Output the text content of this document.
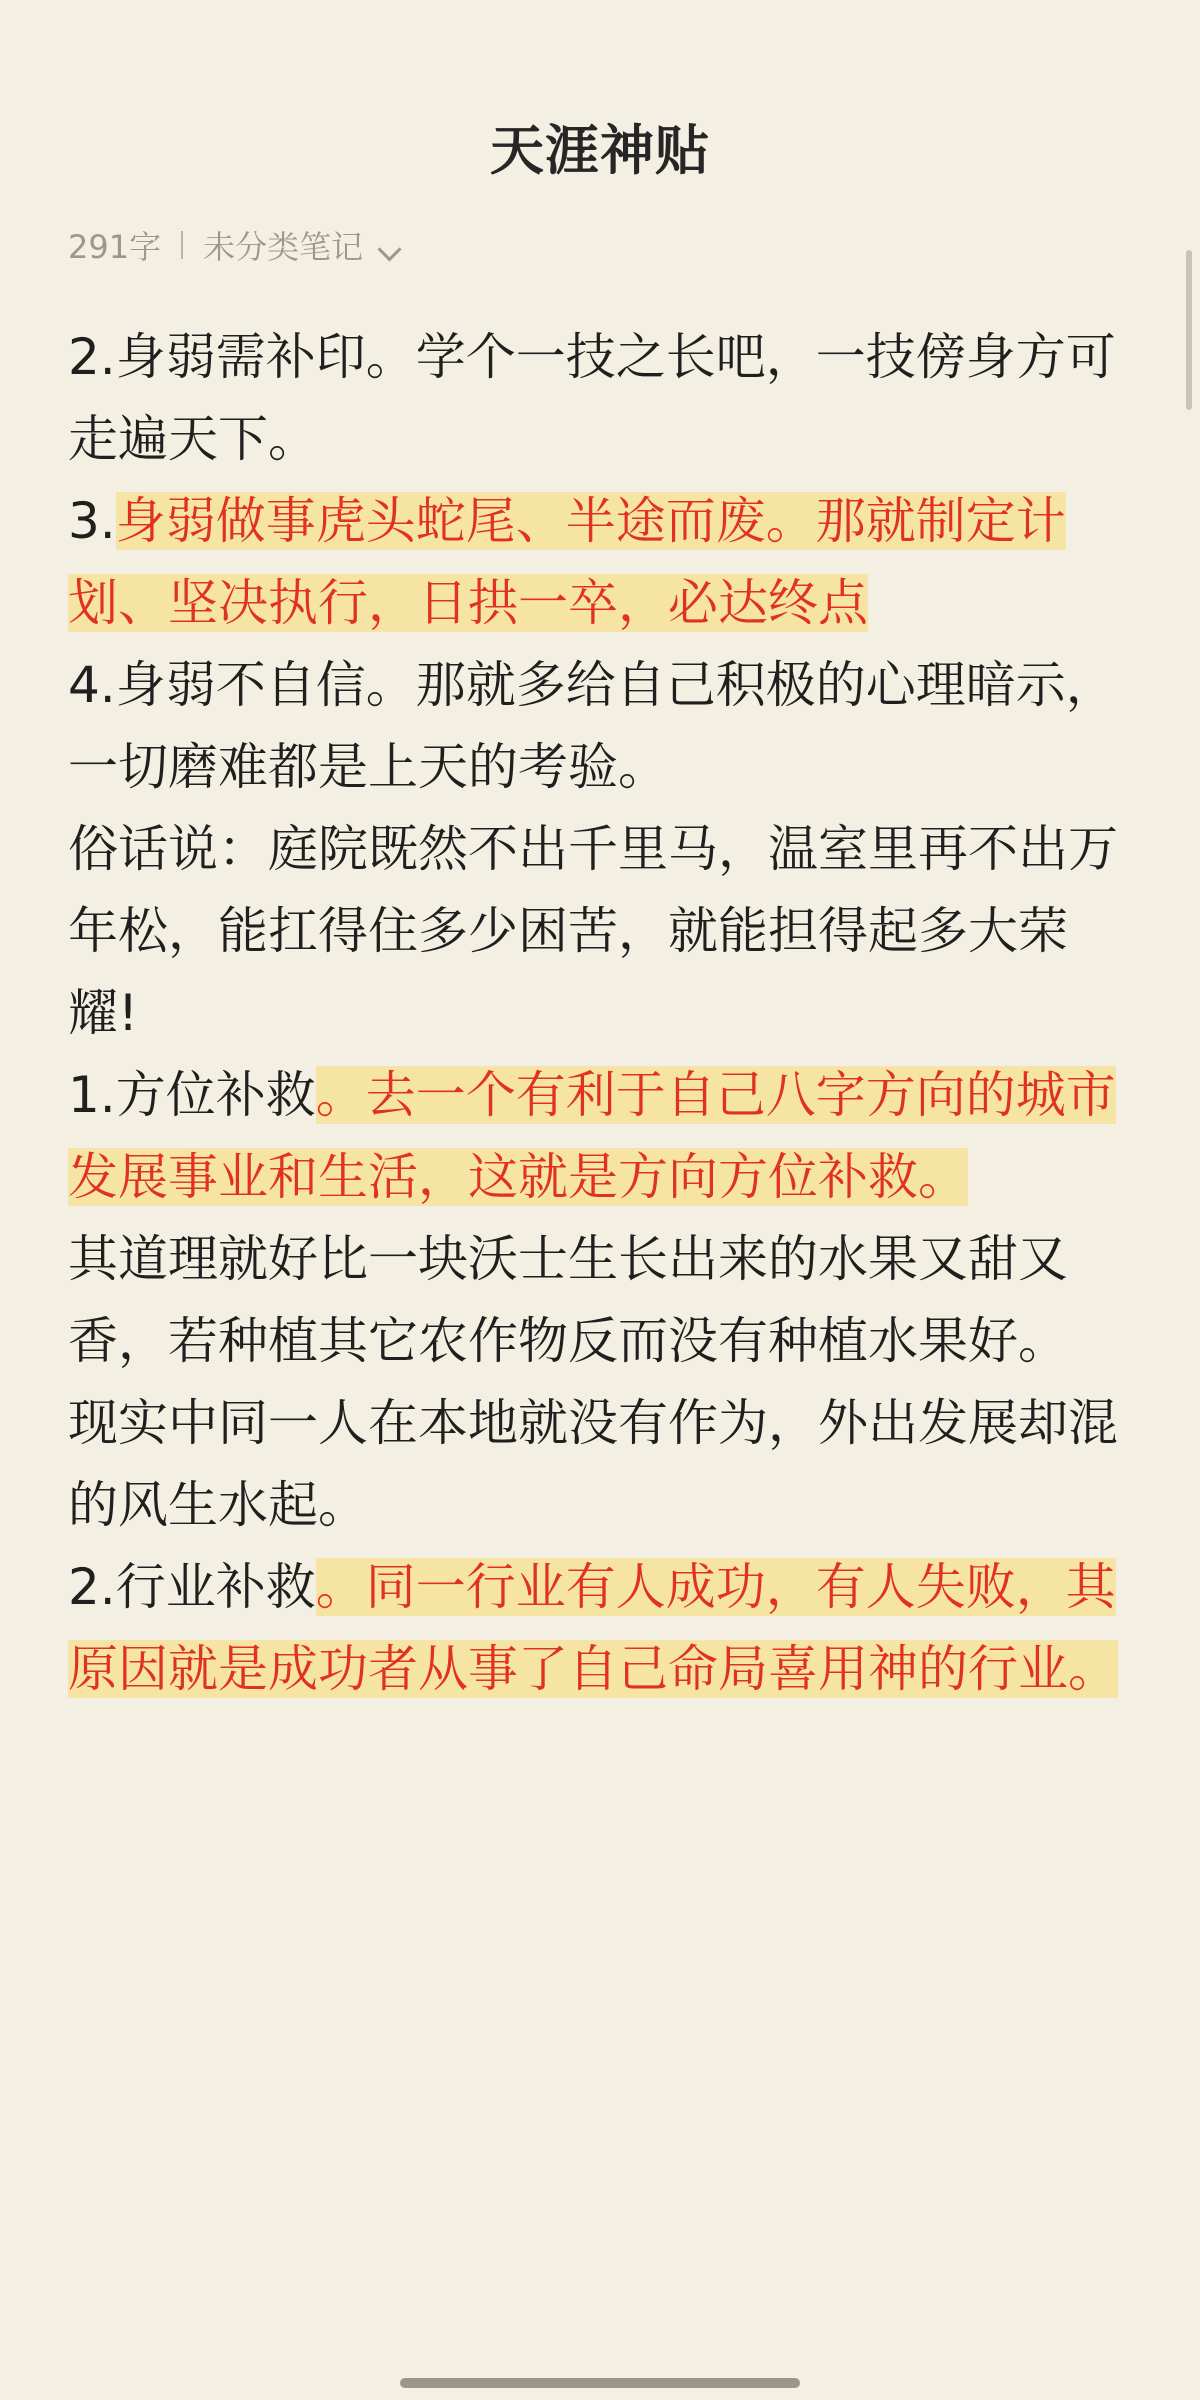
天涯神贴
291字 未分类笔记

2.身弱需补印。学个一技之长吧，一技傍身方可走遍天下。

3.身弱做事虎头蛇尾、半途而废。那就制定计划、坚决执行，日拱一卒，必达终点

4.身弱不自信。那就多给自己积极的心理暗示，一切磨难都是上天的考验。

俗话说：庭院既然不出千里马，温室里再不出万年松，能扛得住多少困苦，就能担得起多大荣耀!

1.方位补救。去一个有利于自己八字方向的城市发展事业和生活，这就是方向方位补救。

其道理就好比一块沃士生长出来的水果又甜又香，若种植其它农作物反而没有种植水果好。

现实中同一人在本地就没有作为，外出发展却混的风生水起。

2.行业补救。同一行业有人成功，有人失败，其原因就是成功者从事了自己命局喜用神的行业。
